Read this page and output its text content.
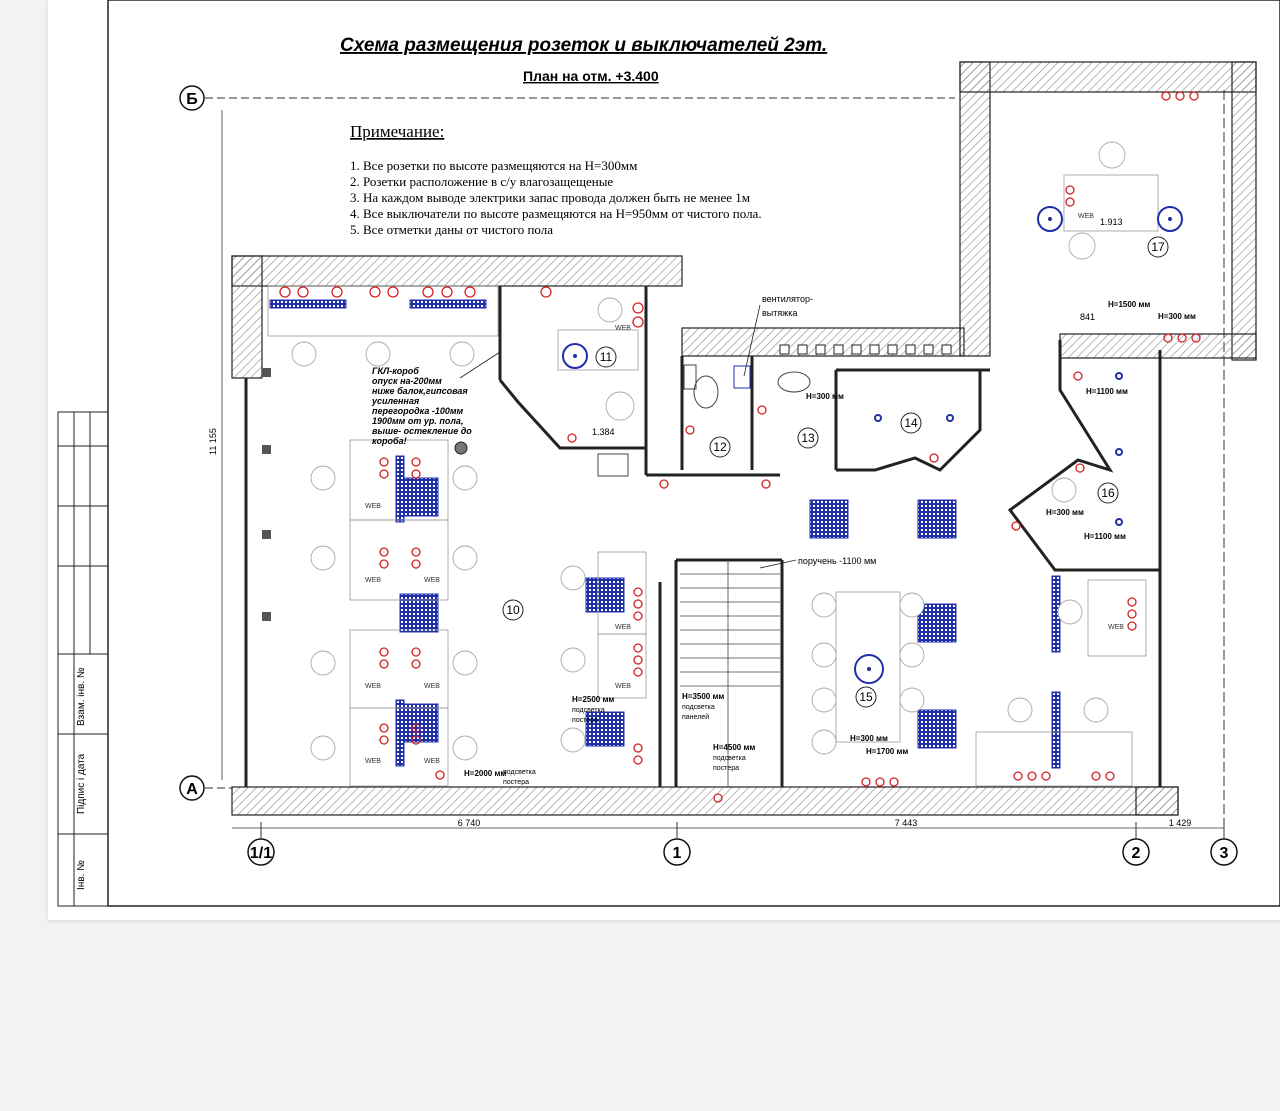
Взам. інв. №
Підпис і дата
Інв. №
Схема размещения розеток и выключателей 2эт.
План на отм. +3.400
Примечание:
1. Все розетки по высоте размещяются на H=300мм
2. Розетки расположение в с/у влагозащещеные
3. На каждом выводе электрики запас провода должен быть не менее 1м
4. Все выключатели по высоте размещяются на H=950мм от чистого пола.
5. Все отметки даны от чистого пола
11 155
Б
А
1/1	1	2	3
6 740	7 443	1 429
10
11
12
13
14
15
16
17
1.384
1.913
841
ГКЛ-короб
опуск на-200мм
ниже балок,гипсовая
усиленная
перегородка -100мм
1900мм от ур. пола,
выше- остекление до
короба!
вентилятор-
вытяжка
поручень -1100 мм
H=2500 мм
подсветка
постера
H=3500 мм
подсветка
панелей
H=4500 мм
подсветка
постера
H=2000 мм
подсветка
постера
H=1500 мм
H=300 мм
H=300 мм
H=300 мм
H=300 мм
H=1100 мм
H=1100 мм
H=1700 мм
WEB
WEB	WEB
WEB	WEB
WEB	WEB
WEB
WEB
WEB	WEB
WEB
